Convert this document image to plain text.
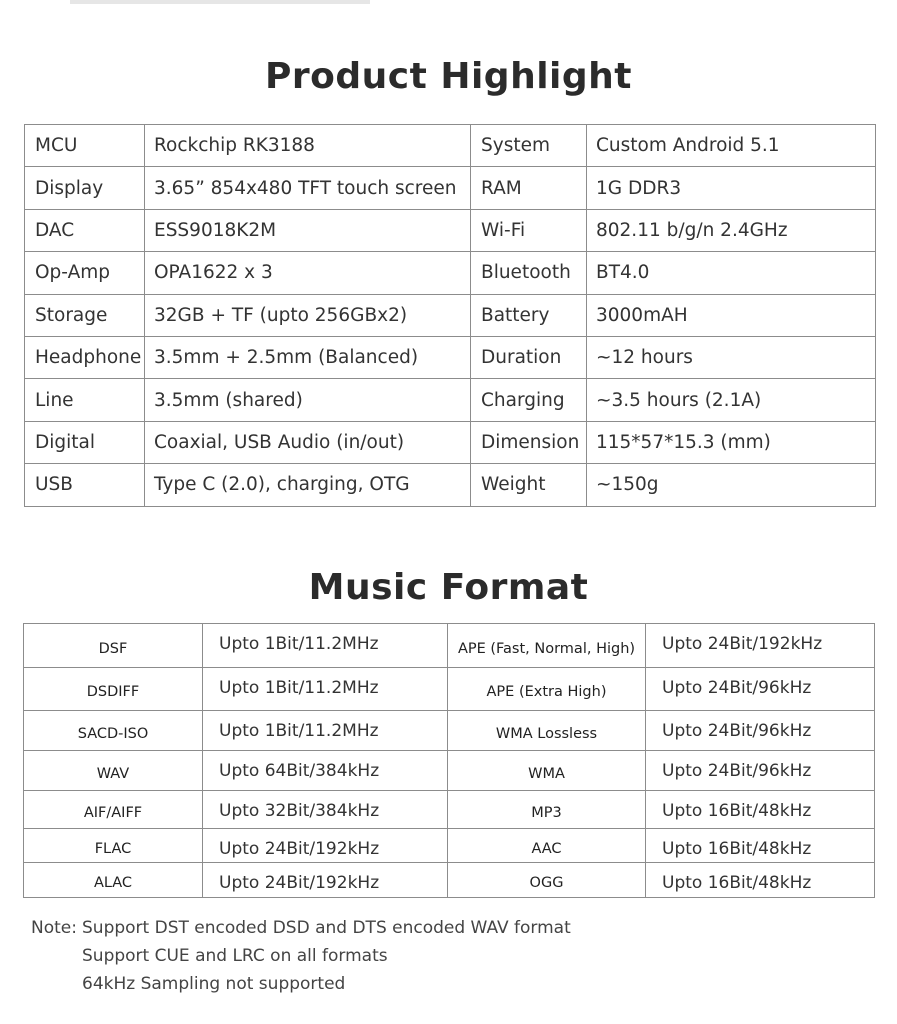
Product Highlight
MCU	Rockchip RK3188	System	Custom Android 5.1
Display	3.65” 854x480 TFT touch screen	RAM	1G DDR3
DAC	ESS9018K2M	Wi-Fi	802.11 b/g/n 2.4GHz
Op-Amp	OPA1622 x 3	Bluetooth	BT4.0
Storage	32GB + TF (upto 256GBx2)	Battery	3000mAH
Headphone	3.5mm + 2.5mm (Balanced)	Duration	~12 hours
Line	3.5mm (shared)	Charging	~3.5 hours (2.1A)
Digital	Coaxial, USB Audio (in/out)	Dimension	115*57*15.3 (mm)
USB	Type C (2.0), charging, OTG	Weight	~150g
Music Format
DSF	Upto 1Bit/11.2MHz	APE (Fast, Normal, High)	Upto 24Bit/192kHz
DSDIFF	Upto 1Bit/11.2MHz	APE (Extra High)	Upto 24Bit/96kHz
SACD-ISO	Upto 1Bit/11.2MHz	WMA Lossless	Upto 24Bit/96kHz
WAV	Upto 64Bit/384kHz	WMA	Upto 24Bit/96kHz
AIF/AIFF	Upto 32Bit/384kHz	MP3	Upto 16Bit/48kHz
FLAC	Upto 24Bit/192kHz	AAC	Upto 16Bit/48kHz
ALAC	Upto 24Bit/192kHz	OGG	Upto 16Bit/48kHz
Note: Support DST encoded DSD and DTS encoded WAV format
Support CUE and LRC on all formats
64kHz Sampling not supported
